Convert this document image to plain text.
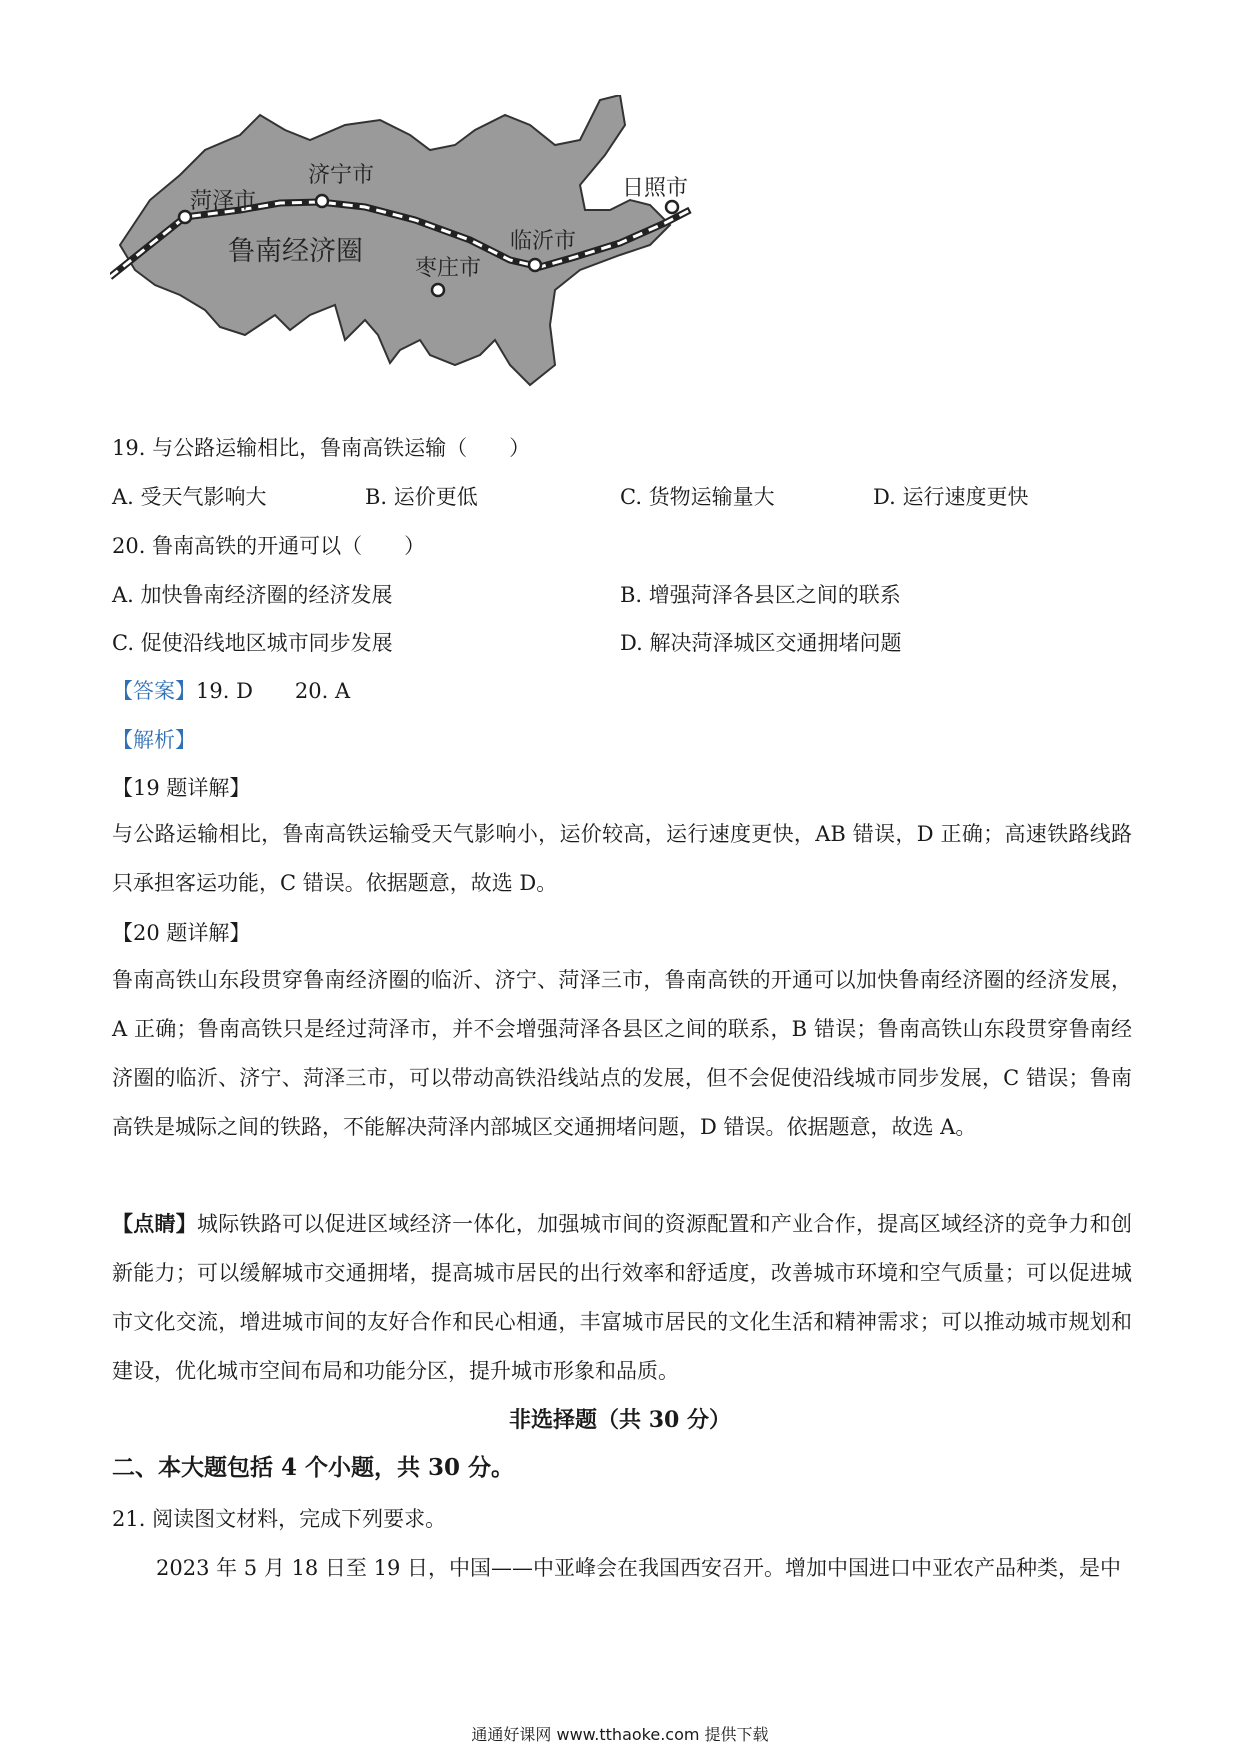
菏泽市
济宁市
临沂市
日照市
枣庄市
鲁南经济圈
19. 与公路运输相比，鲁南高铁运输（　　）
A. 受天气影响大	B. 运价更低	C. 货物运输量大	D. 运行速度更快
20. 鲁南高铁的开通可以（　　）
A. 加快鲁南经济圈的经济发展	B. 增强菏泽各县区之间的联系
C. 促使沿线地区城市同步发展	D. 解决菏泽城区交通拥堵问题
【答案】19. D　　20. A
【解析】
【19 题详解】
与公路运输相比，鲁南高铁运输受天气影响小，运价较高，运行速度更快，AB 错误，D 正确；高速铁路线路只承担客运功能，C 错误。依据题意，故选 D。
【20 题详解】
鲁南高铁山东段贯穿鲁南经济圈的临沂、济宁、菏泽三市，鲁南高铁的开通可以加快鲁南经济圈的经济发展，A 正确；鲁南高铁只是经过菏泽市，并不会增强菏泽各县区之间的联系，B 错误；鲁南高铁山东段贯穿鲁南经济圈的临沂、济宁、菏泽三市，可以带动高铁沿线站点的发展，但不会促使沿线城市同步发展，C 错误；鲁南高铁是城际之间的铁路，不能解决菏泽内部城区交通拥堵问题，D 错误。依据题意，故选 A。
【点睛】城际铁路可以促进区域经济一体化，加强城市间的资源配置和产业合作，提高区域经济的竞争力和创新能力；可以缓解城市交通拥堵，提高城市居民的出行效率和舒适度，改善城市环境和空气质量；可以促进城市文化交流，增进城市间的友好合作和民心相通，丰富城市居民的文化生活和精神需求；可以推动城市规划和建设，优化城市空间布局和功能分区，提升城市形象和品质。
非选择题（共 30 分）
二、本大题包括 4 个小题，共 30 分。
21. 阅读图文材料，完成下列要求。
2023 年 5 月 18 日至 19 日，中国——中亚峰会在我国西安召开。增加中国进口中亚农产品种类，是中
通通好课网 www.tthaoke.com 提供下载
